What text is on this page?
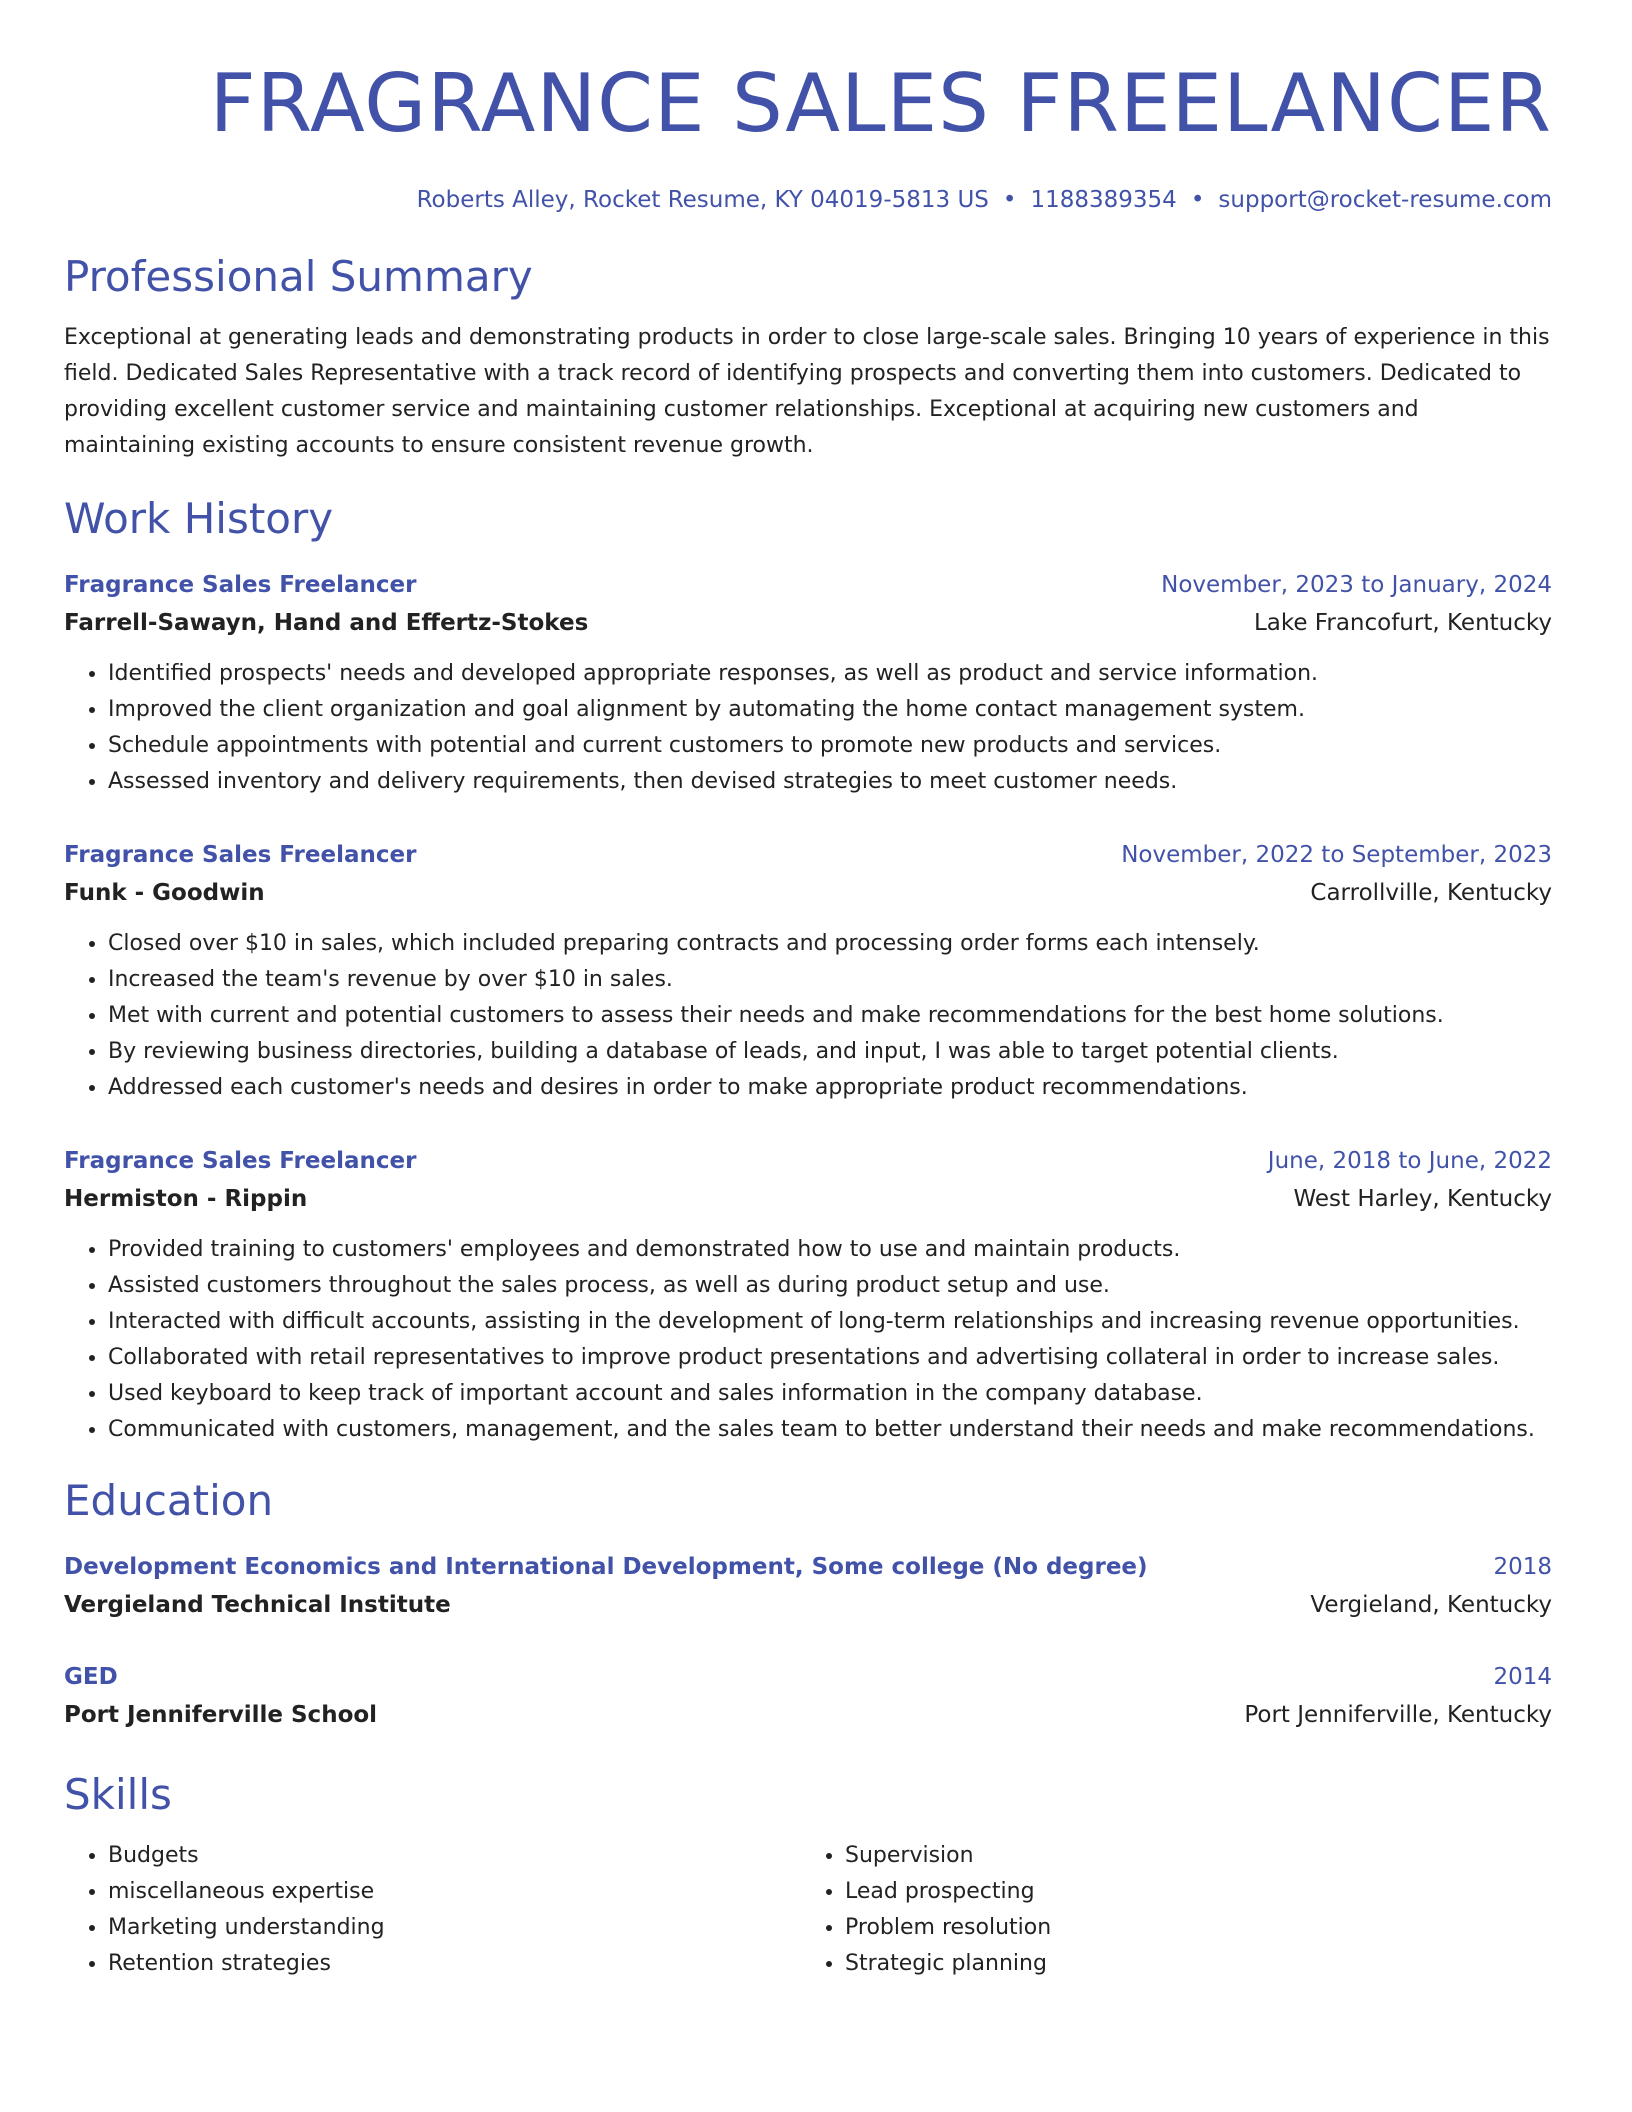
FRAGRANCE SALES FREELANCER
Roberts Alley, Rocket Resume, KY 04019-5813 US • 1188389354 • support@rocket-resume.com
Professional Summary
Exceptional at generating leads and demonstrating products in order to close large-scale sales. Bringing 10 years of experience in this field. Dedicated Sales Representative with a track record of identifying prospects and converting them into customers. Dedicated to providing excellent customer service and maintaining customer relationships. Exceptional at acquiring new customers and maintaining existing accounts to ensure consistent revenue growth.
Work History
Fragrance Sales Freelancer	November, 2023 to January, 2024
Farrell-Sawayn, Hand and Effertz-Stokes	Lake Francofurt, Kentucky
• Identified prospects' needs and developed appropriate responses, as well as product and service information.
• Improved the client organization and goal alignment by automating the home contact management system.
• Schedule appointments with potential and current customers to promote new products and services.
• Assessed inventory and delivery requirements, then devised strategies to meet customer needs.
Fragrance Sales Freelancer	November, 2022 to September, 2023
Funk - Goodwin	Carrollville, Kentucky
• Closed over $10 in sales, which included preparing contracts and processing order forms each intensely.
• Increased the team's revenue by over $10 in sales.
• Met with current and potential customers to assess their needs and make recommendations for the best home solutions.
• By reviewing business directories, building a database of leads, and input, I was able to target potential clients.
• Addressed each customer's needs and desires in order to make appropriate product recommendations.
Fragrance Sales Freelancer	June, 2018 to June, 2022
Hermiston - Rippin	West Harley, Kentucky
• Provided training to customers' employees and demonstrated how to use and maintain products.
• Assisted customers throughout the sales process, as well as during product setup and use.
• Interacted with difficult accounts, assisting in the development of long-term relationships and increasing revenue opportunities.
• Collaborated with retail representatives to improve product presentations and advertising collateral in order to increase sales.
• Used keyboard to keep track of important account and sales information in the company database.
• Communicated with customers, management, and the sales team to better understand their needs and make recommendations.
Education
Development Economics and International Development, Some college (No degree)	2018
Vergieland Technical Institute	Vergieland, Kentucky
GED	2014
Port Jenniferville School	Port Jenniferville, Kentucky
Skills
• Budgets
• miscellaneous expertise
• Marketing understanding
• Retention strategies
• Supervision
• Lead prospecting
• Problem resolution
• Strategic planning
